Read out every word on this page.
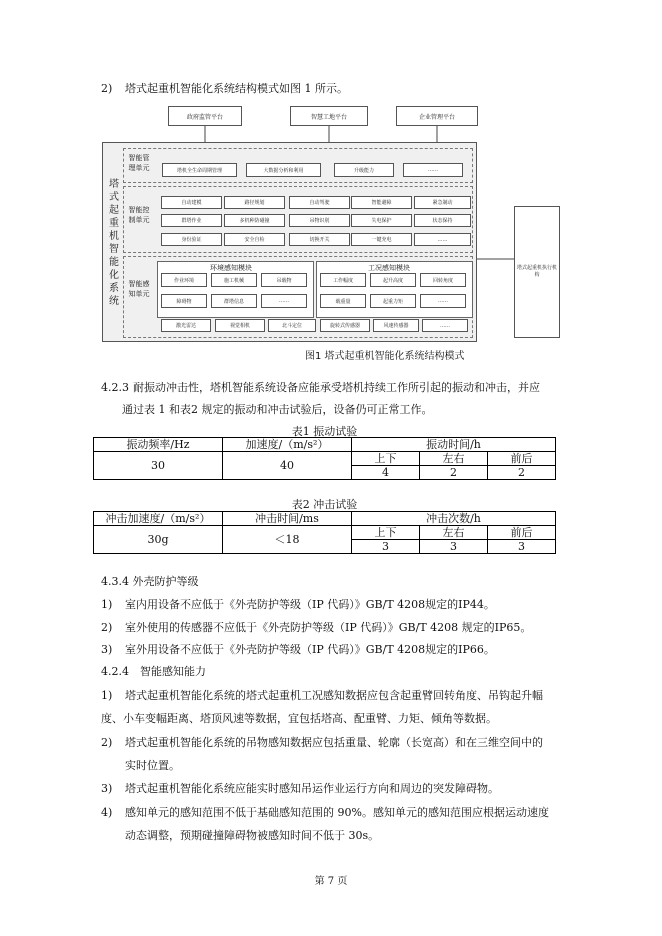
2) 塔式起重机智能化系统结构模式如图 1 所示。
政府监管平台	智慧工地平台	企业管理平台
塔式起重机智能化系统
智能管理单元	塔机全生命周期管理	大数据分析和利用	升级能力	……
智能控制单元
自动建模	路径规划	自动驾驶	智能避障	紧急制动
群塔作业	多机种防碰撞	吊物识别	失电保护	状态保持
身份验证	安全自检	切换开关	一键充电	……
智能感知单元
环境感知模块
作业环境	施工机械	吊载物
障碍物	群塔信息	……
工况感知模块
工作幅度	起升高度	回转角度
载重量	起重力矩	……
激光雷达	视觉相机	北斗定位	旋转式传感器	风速传感器	……
塔式起重机执行机构
图1 塔式起重机智能化系统结构模式
4.2.3 耐振动冲击性，塔机智能系统设备应能承受塔机持续工作所引起的振动和冲击，并应
通过表 1 和表2 规定的振动和冲击试验后，设备仍可正常工作。
表1 振动试验
振动频率/Hz	加速度/（m/s²）	振动时间/h		
30	40	上下	左右	前后
		4	2	2
表2 冲击试验
冲击加速度/（m/s²）	冲击时间/ms	冲击次数/h		
30g	＜18	上下	左右	前后
		3	3	3
4.3.4 外壳防护等级
1) 室内用设备不应低于《外壳防护等级（IP 代码）》GB/T 4208规定的IP44。
2) 室外使用的传感器不应低于《外壳防护等级（IP 代码）》GB/T 4208 规定的IP65。
3) 室外用设备不应低于《外壳防护等级（IP 代码）》GB/T 4208规定的IP66。
4.2.4　智能感知能力
1) 塔式起重机智能化系统的塔式起重机工况感知数据应包含起重臂回转角度、吊钩起升幅
度、小车变幅距离、塔顶风速等数据，宜包括塔高、配重臂、力矩、倾角等数据。
2) 塔式起重机智能化系统的吊物感知数据应包括重量、轮廓（长宽高）和在三维空间中的
实时位置。
3) 塔式起重机智能化系统应能实时感知吊运作业运行方向和周边的突发障碍物。
4) 感知单元的感知范围不低于基础感知范围的 90%。感知单元的感知范围应根据运动速度
动态调整，预期碰撞障碍物被感知时间不低于 30s。
第 7 页
